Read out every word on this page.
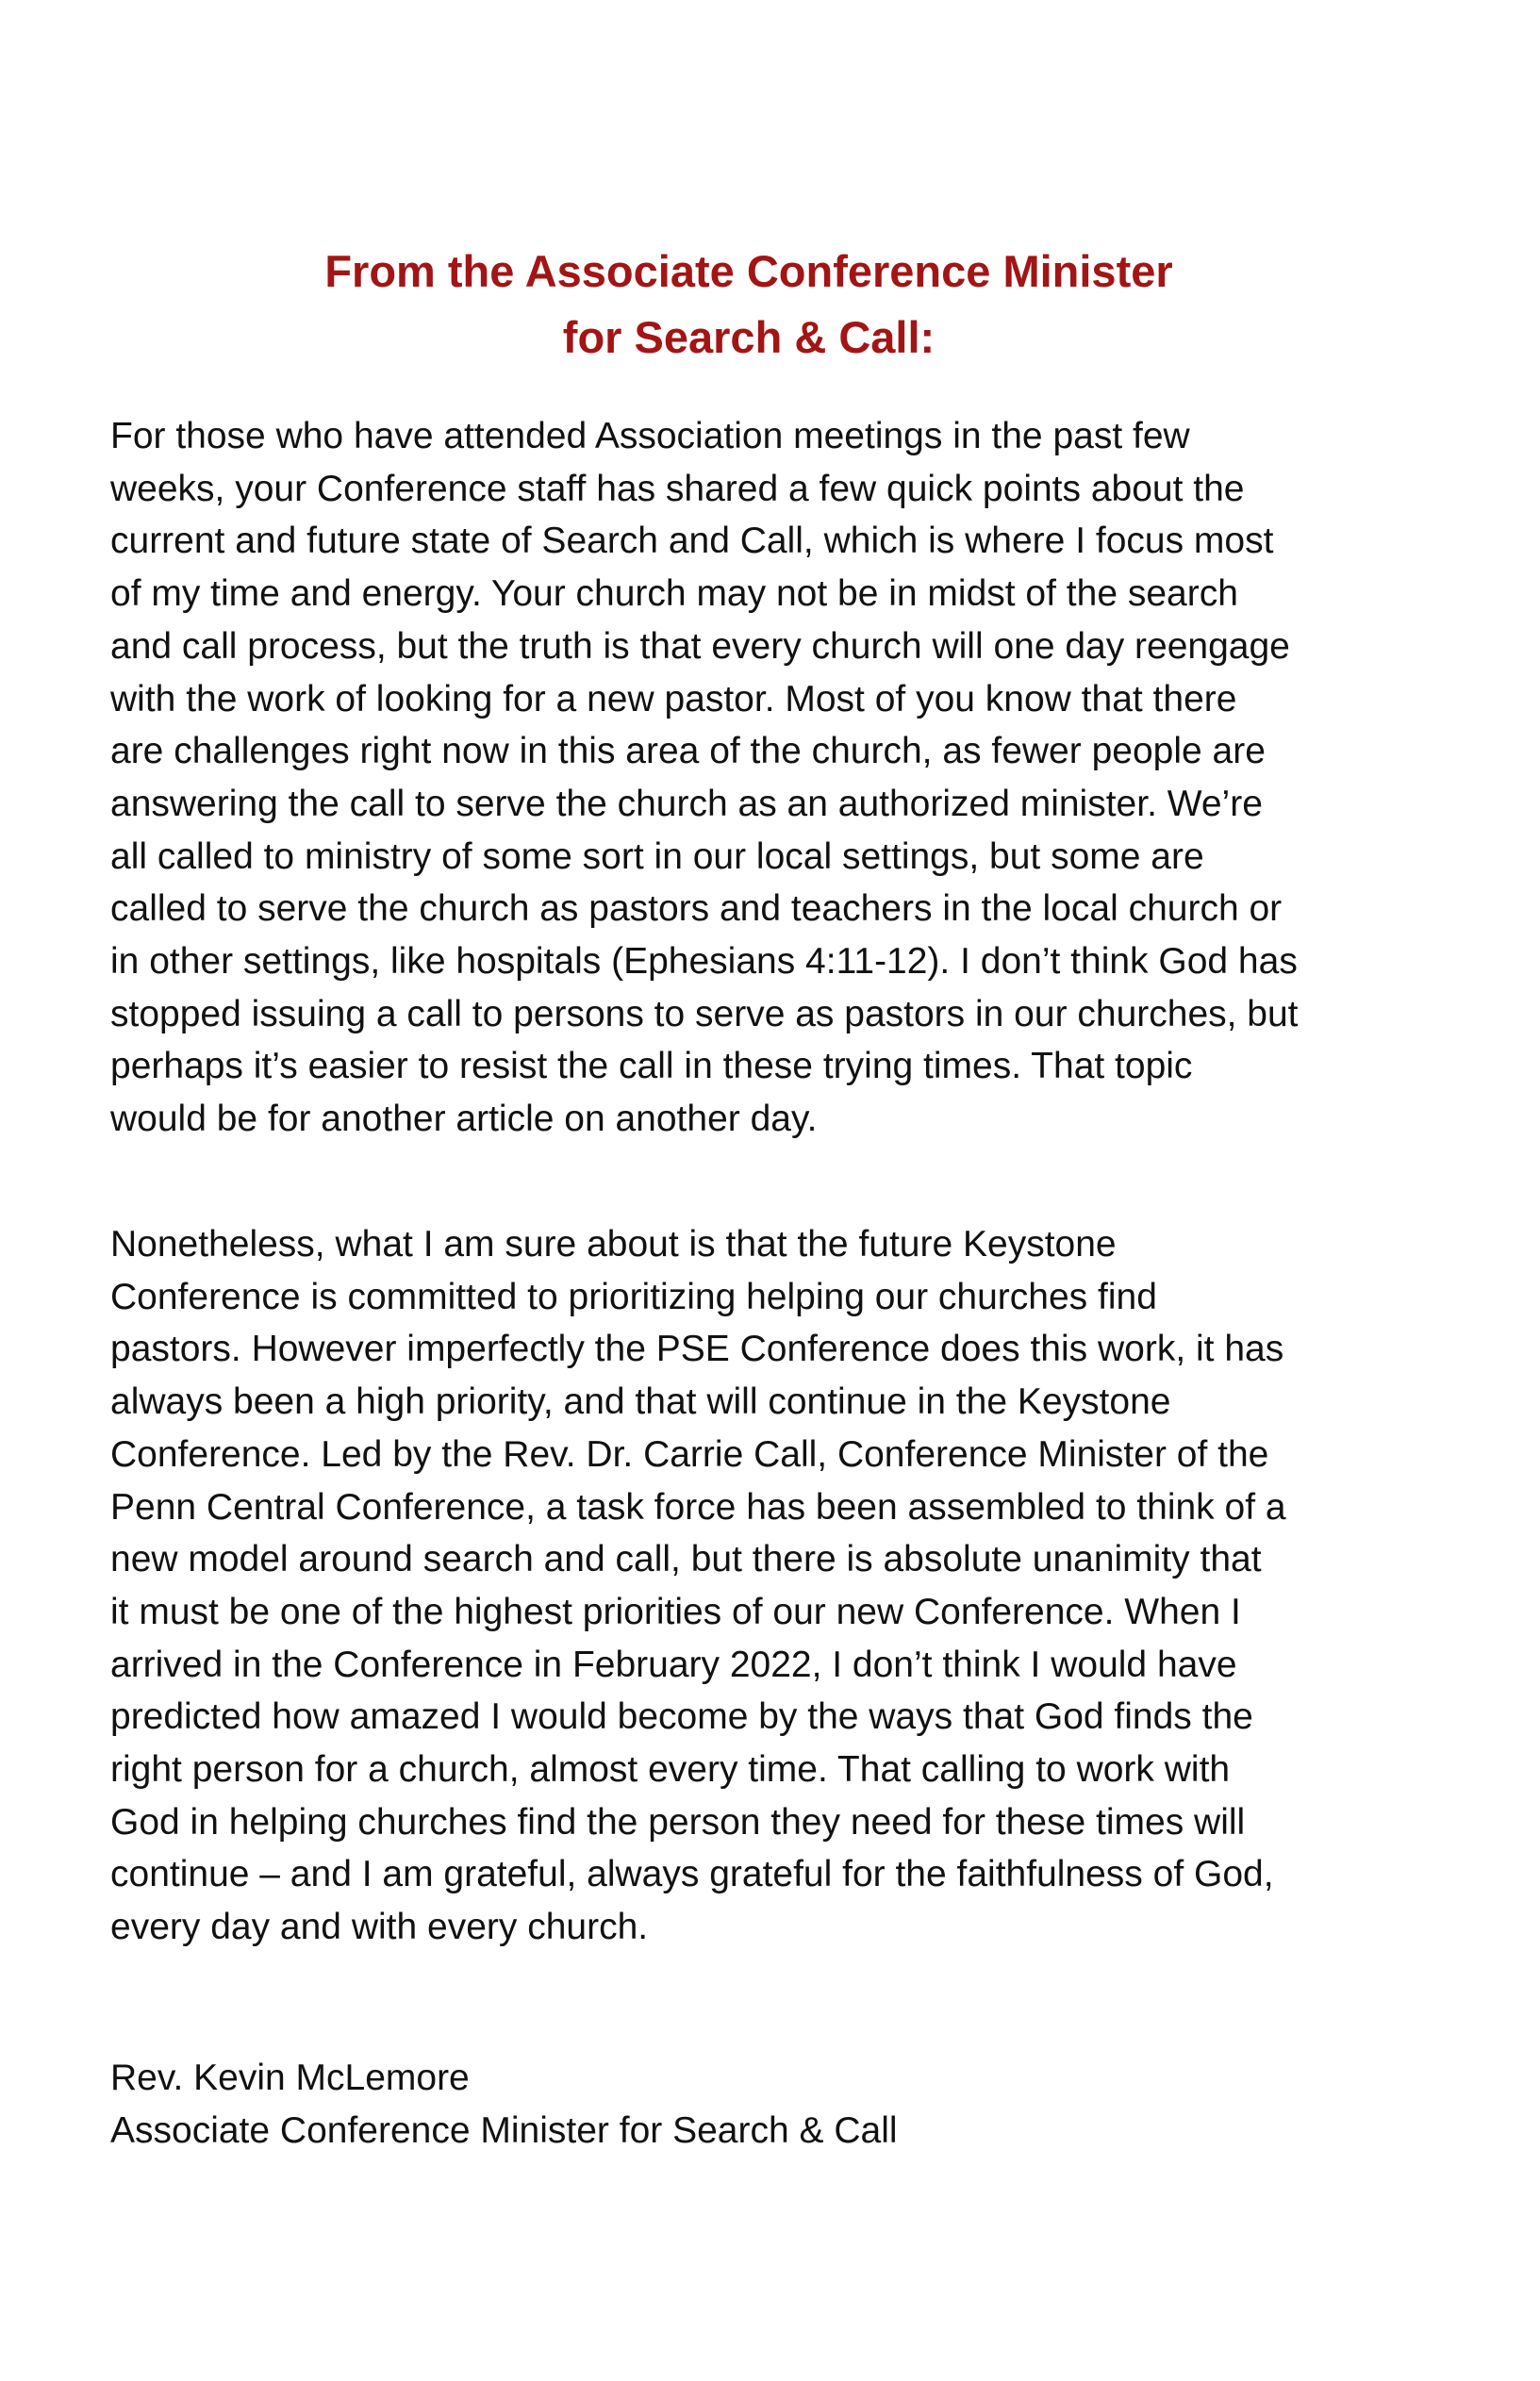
From the Associate Conference Minister
for Search & Call:

For those who have attended Association meetings in the past few
weeks, your Conference staff has shared a few quick points about the
current and future state of Search and Call, which is where I focus most
of my time and energy. Your church may not be in midst of the search
and call process, but the truth is that every church will one day reengage
with the work of looking for a new pastor. Most of you know that there
are challenges right now in this area of the church, as fewer people are
answering the call to serve the church as an authorized minister. We’re
all called to ministry of some sort in our local settings, but some are
called to serve the church as pastors and teachers in the local church or
in other settings, like hospitals (Ephesians 4:11-12). I don’t think God has
stopped issuing a call to persons to serve as pastors in our churches, but
perhaps it’s easier to resist the call in these trying times. That topic
would be for another article on another day.

Nonetheless, what I am sure about is that the future Keystone
Conference is committed to prioritizing helping our churches find
pastors. However imperfectly the PSE Conference does this work, it has
always been a high priority, and that will continue in the Keystone
Conference. Led by the Rev. Dr. Carrie Call, Conference Minister of the
Penn Central Conference, a task force has been assembled to think of a
new model around search and call, but there is absolute unanimity that
it must be one of the highest priorities of our new Conference. When I
arrived in the Conference in February 2022, I don’t think I would have
predicted how amazed I would become by the ways that God finds the
right person for a church, almost every time. That calling to work with
God in helping churches find the person they need for these times will
continue – and I am grateful, always grateful for the faithfulness of God,
every day and with every church.

Rev. Kevin McLemore
Associate Conference Minister for Search & Call
